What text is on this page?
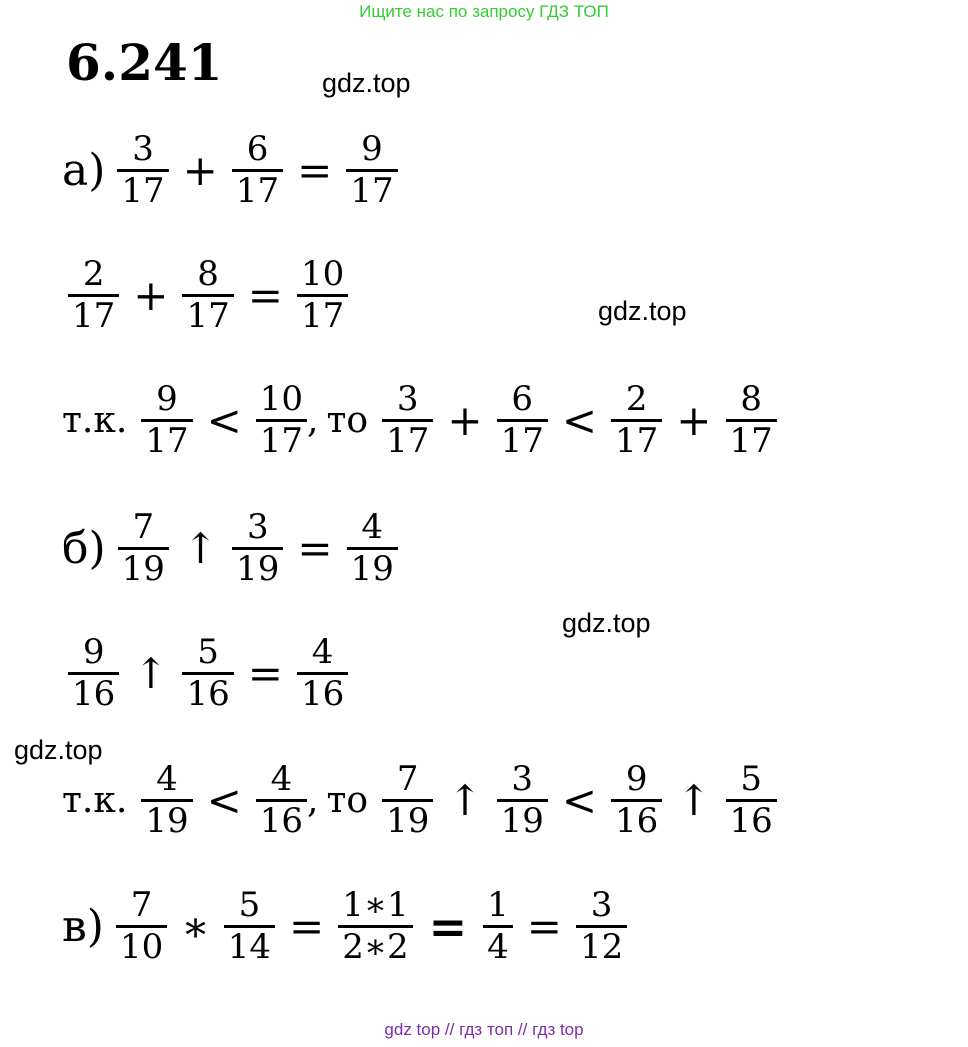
Ищите нас по запросу ГДЗ ТОП
6.241	gdz.top
gdz.top
gdz.top
gdz.top
$а) \frac{3}{17} + \frac{6}{17} = \frac{9}{17}$
$\frac{2}{17} + \frac{8}{17} = \frac{10}{17}$
т.к. $\frac{9}{17} < \frac{10}{17}$ , то $\frac{3}{17} + \frac{6}{17} < \frac{2}{17} + \frac{8}{17}$
$б) \frac{7}{19}$ ↑ $\frac{3}{19} = \frac{4}{19}$
$\frac{9}{16}$ ↑ $\frac{5}{16} = \frac{4}{16}$
т.к. $\frac{4}{19} < \frac{4}{16}$ , то $\frac{7}{19}$ ↑ $\frac{3}{19} < \frac{9}{16}$ ↑ $\frac{5}{16}$
$в) \frac{7}{10}$ ∗ $\frac{5}{14} = \frac{1∗1}{2∗2} = \frac{1}{4} = \frac{3}{12}$
gdz top // гдз топ // гдз top
